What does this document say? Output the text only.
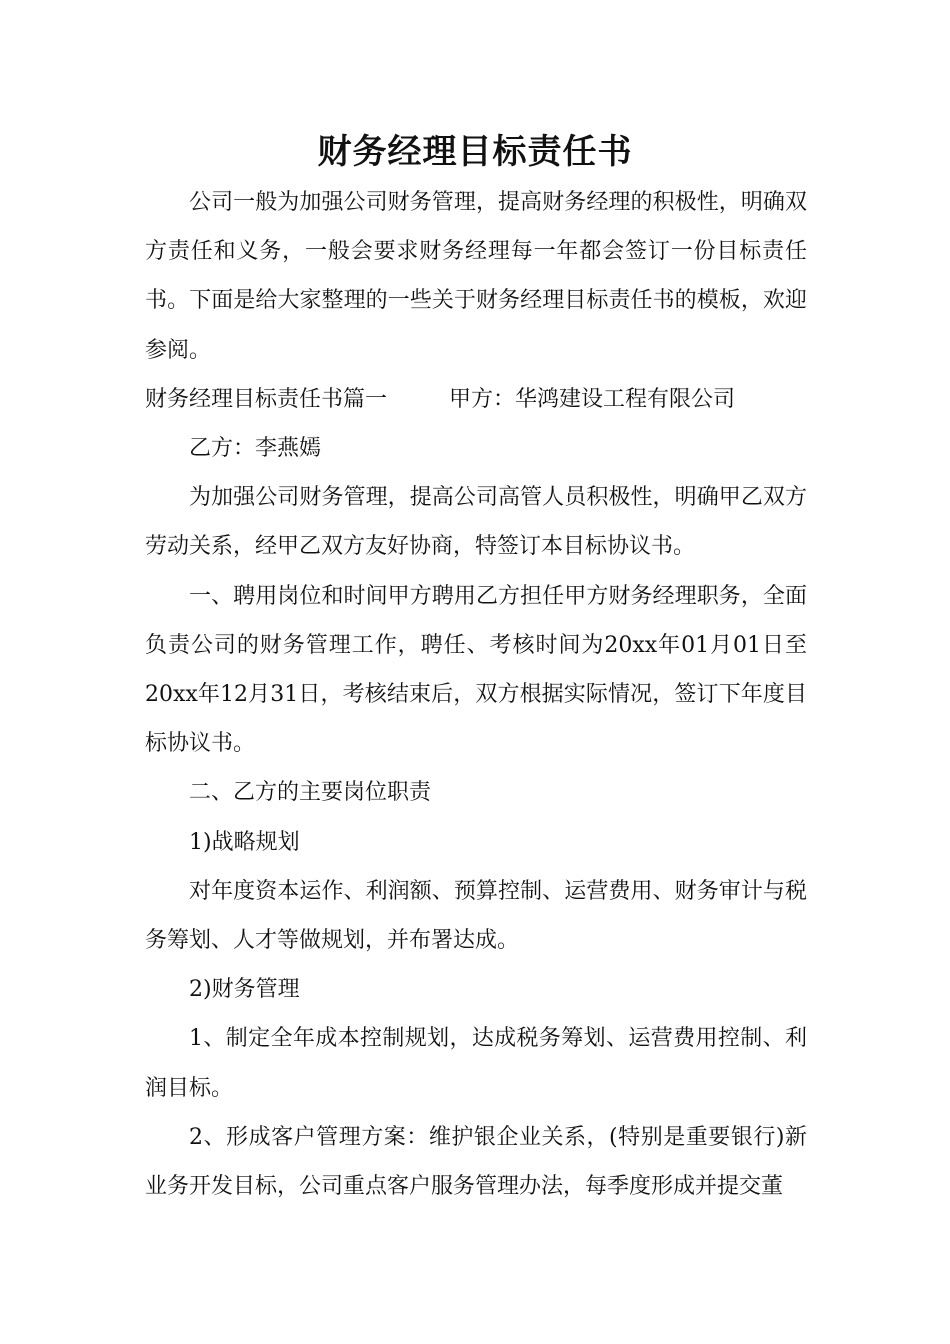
财务经理目标责任书

公司一般为加强公司财务管理，提高财务经理的积极性，明确双方责任和义务，一般会要求财务经理每一年都会签订一份目标责任书。下面是给大家整理的一些关于财务经理目标责任书的模板，欢迎参阅。

财务经理目标责任书篇一	甲方：华鸿建设工程有限公司

乙方：李燕嫣

为加强公司财务管理，提高公司高管人员积极性，明确甲乙双方劳动关系，经甲乙双方友好协商，特签订本目标协议书。

一、聘用岗位和时间甲方聘用乙方担任甲方财务经理职务，全面负责公司的财务管理工作，聘任、考核时间为20xx年01月01日至20xx年12月31日，考核结束后，双方根据实际情况，签订下年度目标协议书。

二、乙方的主要岗位职责

1)战略规划

对年度资本运作、利润额、预算控制、运营费用、财务审计与税务筹划、人才等做规划，并布署达成。

2)财务管理

1、制定全年成本控制规划，达成税务筹划、运营费用控制、利润目标。

2、形成客户管理方案：维护银企业关系，(特别是重要银行)新业务开发目标，公司重点客户服务管理办法，每季度形成并提交董
